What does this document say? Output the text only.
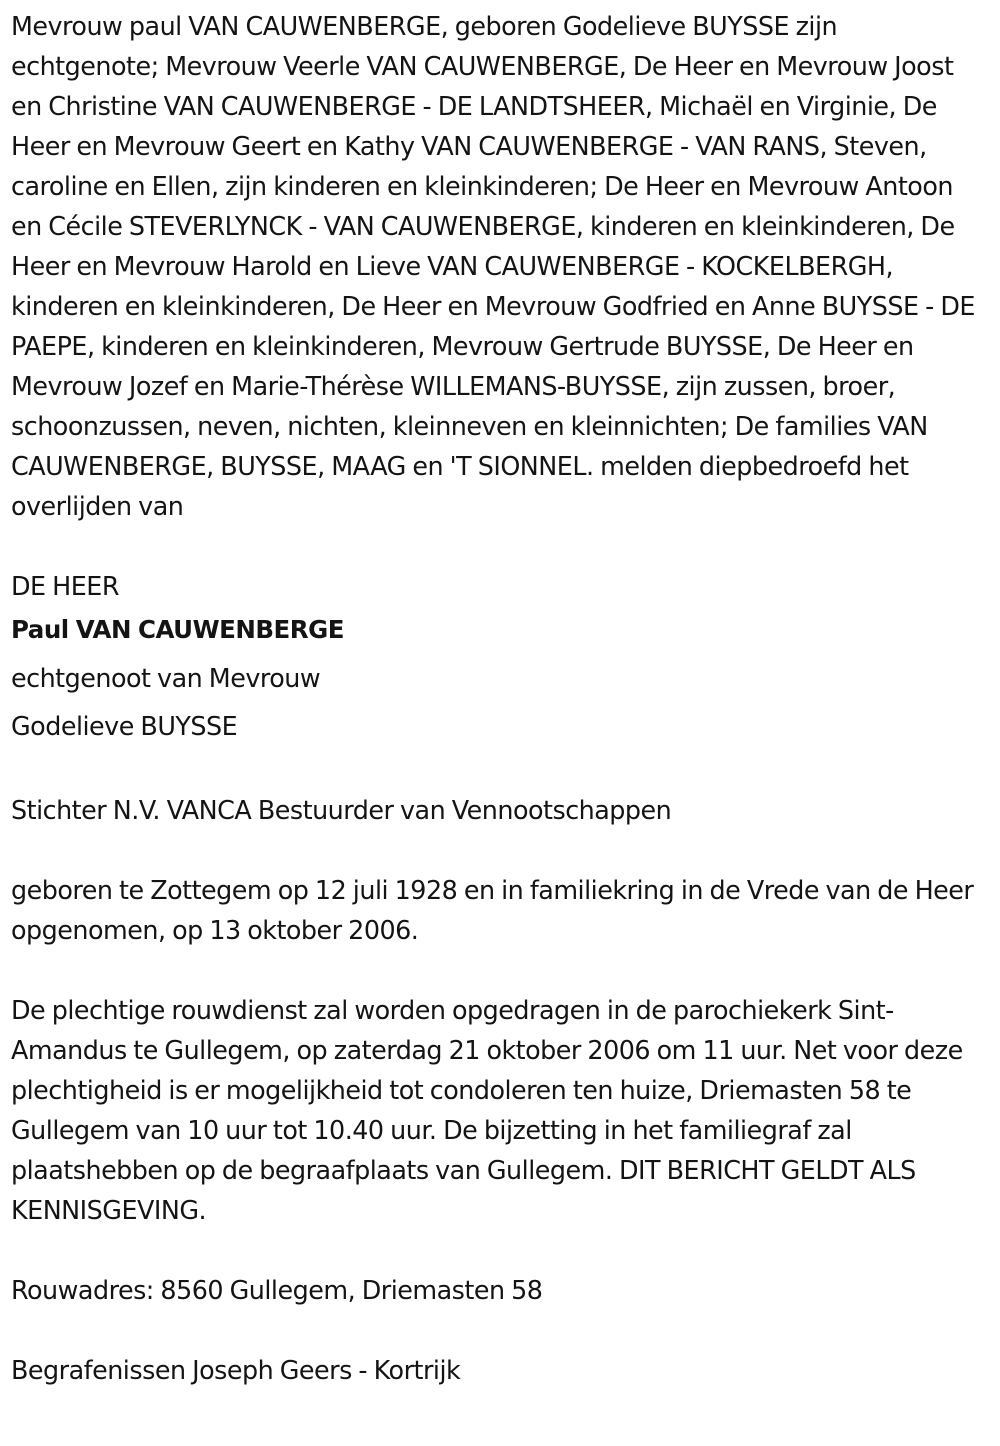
Mevrouw paul VAN CAUWENBERGE, geboren Godelieve BUYSSE zijn echtgenote; Mevrouw Veerle VAN CAUWENBERGE, De Heer en Mevrouw Joost en Christine VAN CAUWENBERGE - DE LANDTSHEER, Michaël en Virginie, De Heer en Mevrouw Geert en Kathy VAN CAUWENBERGE - VAN RANS, Steven, caroline en Ellen, zijn kinderen en kleinkinderen; De Heer en Mevrouw Antoon en Cécile STEVERLYNCK - VAN CAUWENBERGE, kinderen en kleinkinderen, De Heer en Mevrouw Harold en Lieve VAN CAUWENBERGE - KOCKELBERGH, kinderen en kleinkinderen, De Heer en Mevrouw Godfried en Anne BUYSSE - DE PAEPE, kinderen en kleinkinderen, Mevrouw Gertrude BUYSSE, De Heer en Mevrouw Jozef en Marie-Thérèse WILLEMANS-BUYSSE, zijn zussen, broer, schoonzussen, neven, nichten, kleinneven en kleinnichten; De families VAN CAUWENBERGE, BUYSSE, MAAG en 'T SIONNEL. melden diepbedroefd het overlijden van

DE HEER

Paul VAN CAUWENBERGE

echtgenoot van Mevrouw

Godelieve BUYSSE

Stichter N.V. VANCA Bestuurder van Vennootschappen

geboren te Zottegem op 12 juli 1928 en in familiekring in de Vrede van de Heer opgenomen, op 13 oktober 2006.

De plechtige rouwdienst zal worden opgedragen in de parochiekerk Sint-Amandus te Gullegem, op zaterdag 21 oktober 2006 om 11 uur. Net voor deze plechtigheid is er mogelijkheid tot condoleren ten huize, Driemasten 58 te Gullegem van 10 uur tot 10.40 uur. De bijzetting in het familiegraf zal plaatshebben op de begraafplaats van Gullegem. DIT BERICHT GELDT ALS KENNISGEVING.

Rouwadres: 8560 Gullegem, Driemasten 58

Begrafenissen Joseph Geers - Kortrijk
